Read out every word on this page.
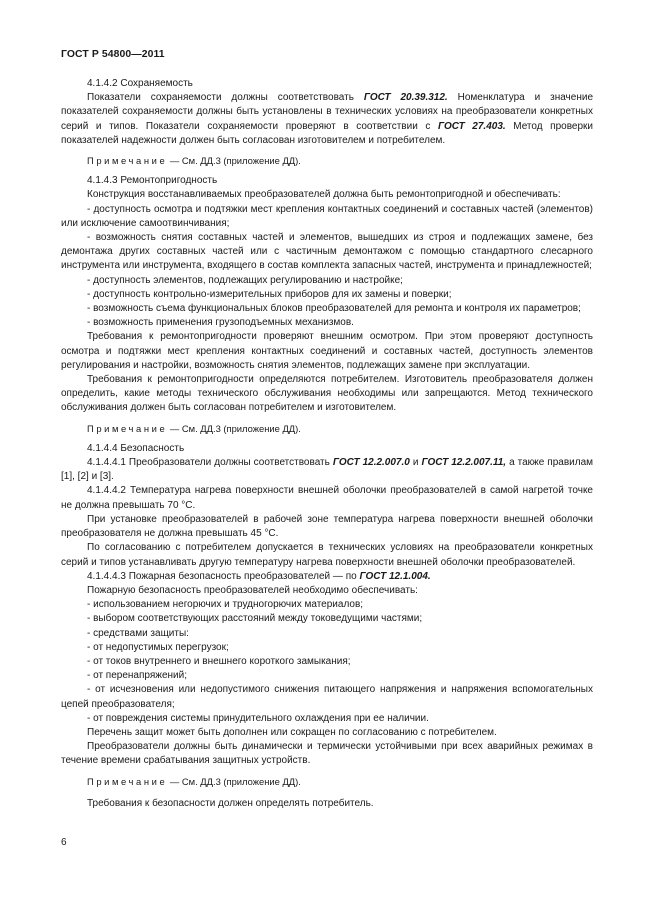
ГОСТ Р 54800—2011

4.1.4.2 Сохраняемость

Показатели сохраняемости должны соответствовать ГОСТ 20.39.312. Номенклатура и значение показателей сохраняемости должны быть установлены в технических условиях на преобразователи конкретных серий и типов. Показатели сохраняемости проверяют в соответствии с ГОСТ 27.403. Метод проверки показателей надежности должен быть согласован изготовителем и потребителем.

Примечание — См. ДД.3 (приложение ДД).

4.1.4.3 Ремонтопригодность

Конструкция восстанавливаемых преобразователей должна быть ремонтопригодной и обеспечивать:

- доступность осмотра и подтяжки мест крепления контактных соединений и составных частей (элементов) или исключение самоотвинчивания;

- возможность снятия составных частей и элементов, вышедших из строя и подлежащих замене, без демонтажа других составных частей или с частичным демонтажом с помощью стандартного слесарного инструмента или инструмента, входящего в состав комплекта запасных частей, инструмента и принадлежностей;

- доступность элементов, подлежащих регулированию и настройке;

- доступность контрольно-измерительных приборов для их замены и поверки;

- возможность съема функциональных блоков преобразователей для ремонта и контроля их параметров;

- возможность применения грузоподъемных механизмов.

Требования к ремонтопригодности проверяют внешним осмотром. При этом проверяют доступность осмотра и подтяжки мест крепления контактных соединений и составных частей, доступность элементов регулирования и настройки, возможность снятия элементов, подлежащих замене при эксплуатации.

Требования к ремонтопригодности определяются потребителем. Изготовитель преобразователя должен определить, какие методы технического обслуживания необходимы или запрещаются. Метод технического обслуживания должен быть согласован потребителем и изготовителем.

Примечание — См. ДД.3 (приложение ДД).

4.1.4.4 Безопасность

4.1.4.4.1 Преобразователи должны соответствовать ГОСТ 12.2.007.0 и ГОСТ 12.2.007.11, а также правилам [1], [2] и [3].

4.1.4.4.2 Температура нагрева поверхности внешней оболочки преобразователей в самой нагретой точке не должна превышать 70 °С.

При установке преобразователей в рабочей зоне температура нагрева поверхности внешней оболочки преобразователя не должна превышать 45 °С.

По согласованию с потребителем допускается в технических условиях на преобразователи конкретных серий и типов устанавливать другую температуру нагрева поверхности внешней оболочки преобразователей.

4.1.4.4.3 Пожарная безопасность преобразователей — по ГОСТ 12.1.004.

Пожарную безопасность преобразователей необходимо обеспечивать:

- использованием негорючих и трудногорючих материалов;

- выбором соответствующих расстояний между токоведущими частями;

- средствами защиты:

- от недопустимых перегрузок;

- от токов внутреннего и внешнего короткого замыкания;

- от перенапряжений;

- от исчезновения или недопустимого снижения питающего напряжения и напряжения вспомогательных цепей преобразователя;

- от повреждения системы принудительного охлаждения при ее наличии.

Перечень защит может быть дополнен или сокращен по согласованию с потребителем.

Преобразователи должны быть динамически и термически устойчивыми при всех аварийных режимах в течение времени срабатывания защитных устройств.

Примечание — См. ДД.3 (приложение ДД).

Требования к безопасности должен определять потребитель.

6
